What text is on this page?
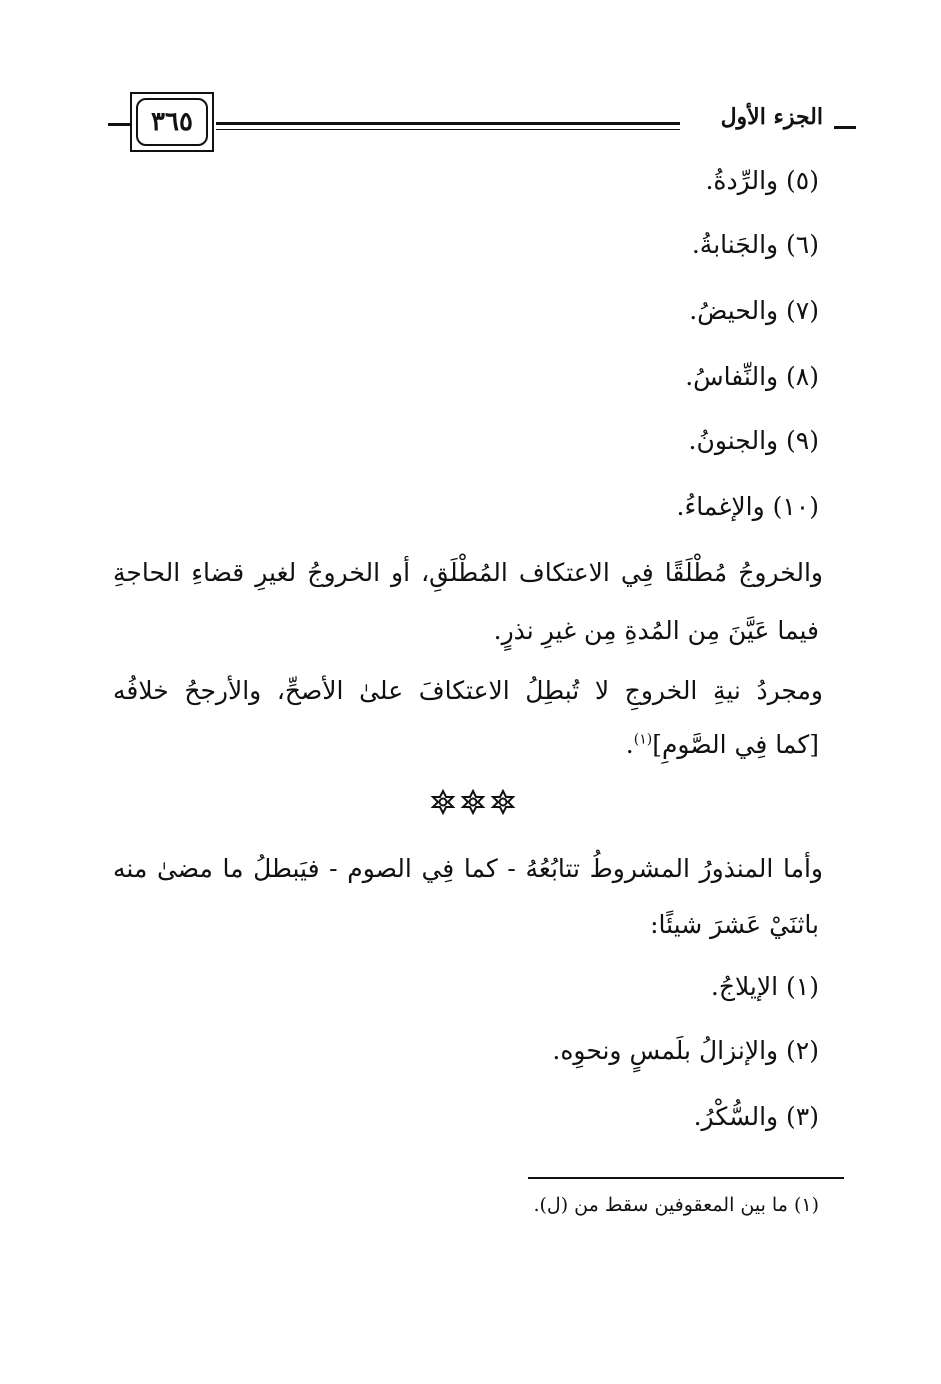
الجزء الأول
٣٦٥
(٥) والرِّدةُ.
(٦) والجَنابةُ.
(٧) والحيضُ.
(٨) والنِّفاسُ.
(٩) والجنونُ.
(١٠) والإغماءُ.
والخروجُ مُطْلَقًا فِي الاعتكاف المُطْلَقِ، أو الخروجُ لغيرِ قضاءِ الحاجةِ
فيما عَيَّنَ مِن المُدةِ مِن غيرِ نذرٍ.
ومجردُ نيةِ الخروجِ لا تُبطِلُ الاعتكافَ علىٰ الأصحِّ، والأرجحُ خلافُه
[كما فِي الصَّومِ]$^{(١)}$.
وأما المنذورُ المشروطُ تتابُعُهُ - كما فِي الصوم - فيَبطلُ ما مضىٰ منه
باثنَيْ عَشرَ شيئًا:
(١) الإيلاجُ.
(٢) والإنزالُ بلَمسٍ ونحوِه.
(٣) والسُّكْرُ.
(١) ما بين المعقوفين سقط من (ل).
